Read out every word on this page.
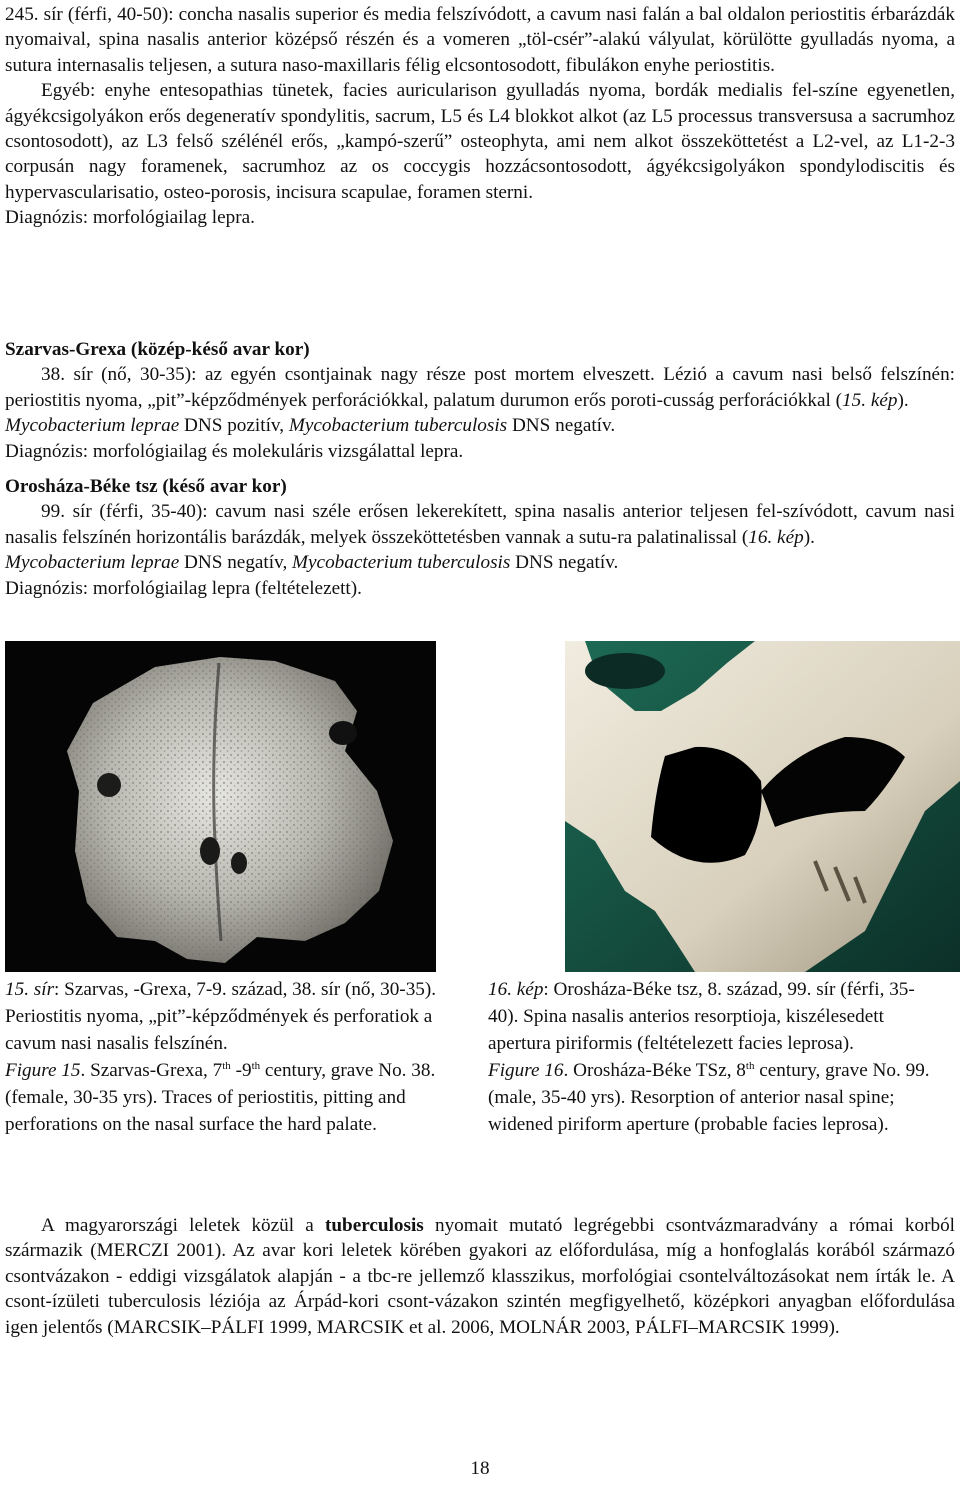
245. sír (férfi, 40-50): concha nasalis superior és media felszívódott, a cavum nasi falán a bal oldalon periostitis érbarázdák nyomaival, spina nasalis anterior középső részén és a vomeren „töl-csér”-alakú vályulat, körülötte gyulladás nyoma, a sutura internasalis teljesen, a sutura naso-maxillaris félig elcsontosodott, fibulákon enyhe periostitis.

Egyéb: enyhe entesopathias tünetek, facies auricularison gyulladás nyoma, bordák medialis fel-színe egyenetlen, ágyékcsigolyákon erős degeneratív spondylitis, sacrum, L5 és L4 blokkot alkot (az L5 processus transversusa a sacrumhoz csontosodott), az L3 felső szélénél erős, „kampó-szerű” osteophyta, ami nem alkot összeköttetést a L2-vel, az L1-2-3 corpusán nagy foramenek, sacrumhoz az os coccygis hozzácsontosodott, ágyékcsigolyákon spondylodiscitis és hypervascularisatio, osteo-porosis, incisura scapulae, foramen sterni.

Diagnózis: morfológiailag lepra.

Szarvas-Grexa (közép-késő avar kor)

38. sír (nő, 30-35): az egyén csontjainak nagy része post mortem elveszett. Lézió a cavum nasi belső felszínén: periostitis nyoma, „pit”-képződmények perforációkkal, palatum durumon erős poroti-cusság perforációkkal (15. kép).

Mycobacterium leprae DNS pozitív, Mycobacterium tuberculosis DNS negatív.

Diagnózis: morfológiailag és molekuláris vizsgálattal lepra.

Orosháza-Béke tsz (késő avar kor)

99. sír (férfi, 35-40): cavum nasi széle erősen lekerekített, spina nasalis anterior teljesen fel-szívódott, cavum nasi nasalis felszínén horizontális barázdák, melyek összeköttetésben vannak a sutu-ra palatinalissal (16. kép).

Mycobacterium leprae DNS negatív, Mycobacterium tuberculosis DNS negatív.

Diagnózis: morfológiailag lepra (feltételezett).

15. sír: Szarvas, -Grexa, 7-9. század, 38. sír (nő, 30-35). Periostitis nyoma, „pit”-képződmények és perforatiok a cavum nasi nasalis felszínén.
Figure 15. Szarvas-Grexa, 7th -9th century, grave No. 38. (female, 30-35 yrs). Traces of periostitis, pitting and perforations on the nasal surface the hard palate.
16. kép: Orosháza-Béke tsz, 8. század, 99. sír (férfi, 35-40). Spina nasalis anterios resorptioja, kiszélesedett apertura piriformis (feltételezett facies leprosa).
Figure 16. Orosháza-Béke TSz, 8th century, grave No. 99. (male, 35-40 yrs). Resorption of anterior nasal spine; widened piriform aperture (probable facies leprosa).

A magyarországi leletek közül a tuberculosis nyomait mutató legrégebbi csontvázmaradvány a római korból származik (MERCZI 2001). Az avar kori leletek körében gyakori az előfordulása, míg a honfoglalás korából származó csontvázakon - eddigi vizsgálatok alapján - a tbc-re jellemző klasszikus, morfológiai csontelváltozásokat nem írták le. A csont-ízületi tuberculosis léziója az Árpád-kori csont-vázakon szintén megfigyelhető, középkori anyagban előfordulása igen jelentős (MARCSIK–PÁLFI 1999, MARCSIK et al. 2006, MOLNÁR 2003, PÁLFI–MARCSIK 1999).

18
